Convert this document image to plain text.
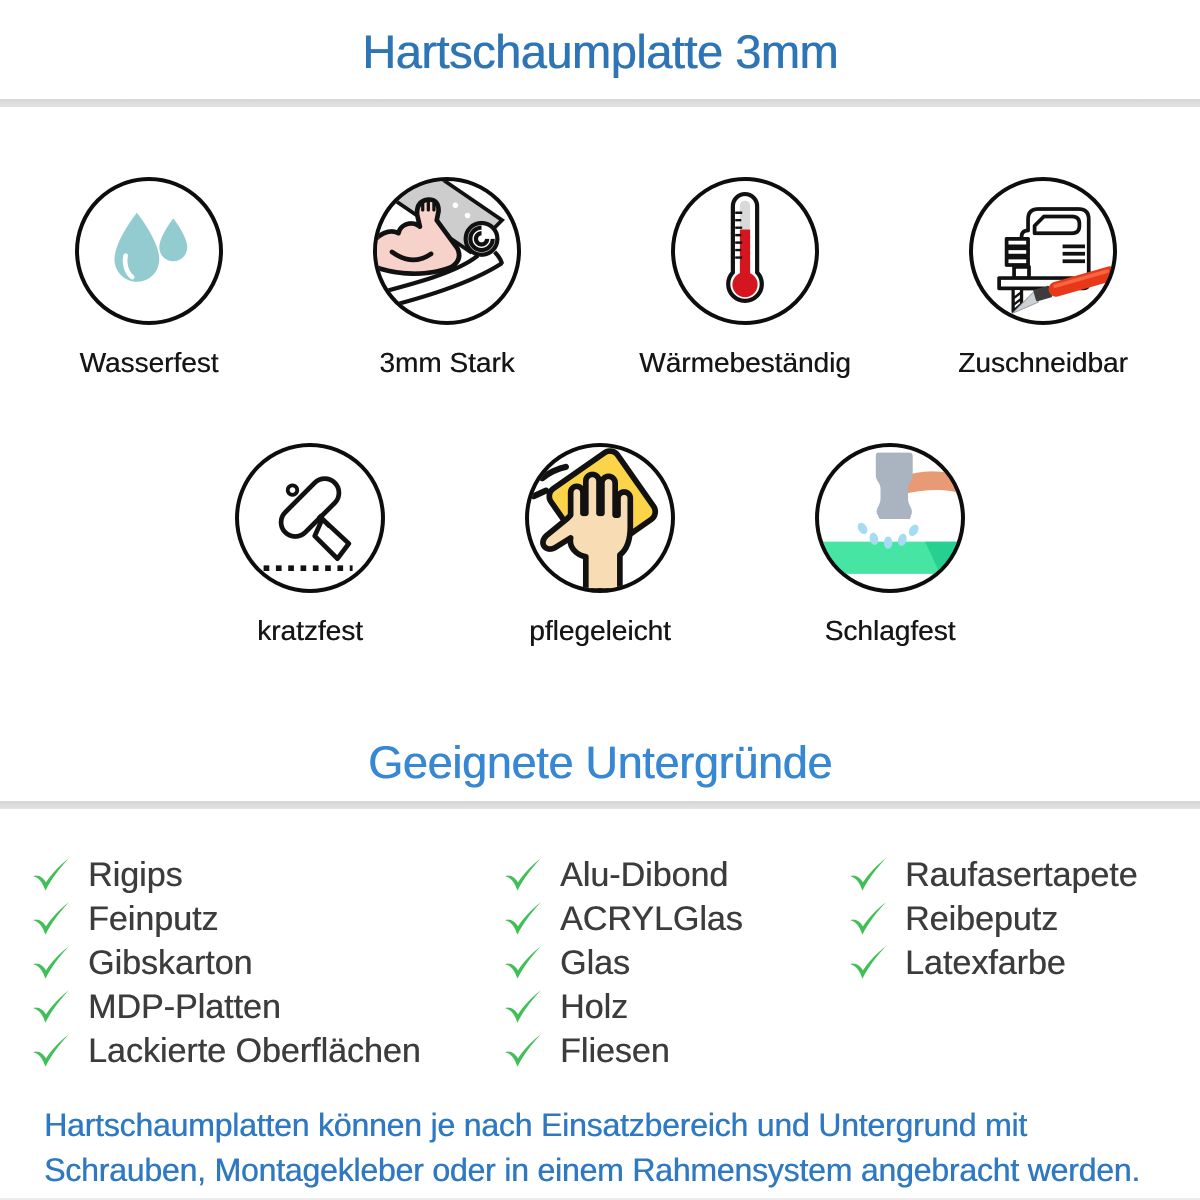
Hartschaumplatte 3mm
Wasserfest	3mm Stark	Wärmebeständig	Zuschneidbar
kratzfest	pflegeleicht	Schlagfest
Geeignete Untergründe
Rigips
Feinputz
Gibskarton
MDP-Platten
Lackierte Oberflächen
Alu-Dibond
ACRYLGlas
Glas
Holz
Fliesen
Raufasertapete
Reibeputz
Latexfarbe
Hartschaumplatten können je nach Einsatzbereich und Untergrund mit Schrauben, Montagekleber oder in einem Rahmensystem angebracht werden.
